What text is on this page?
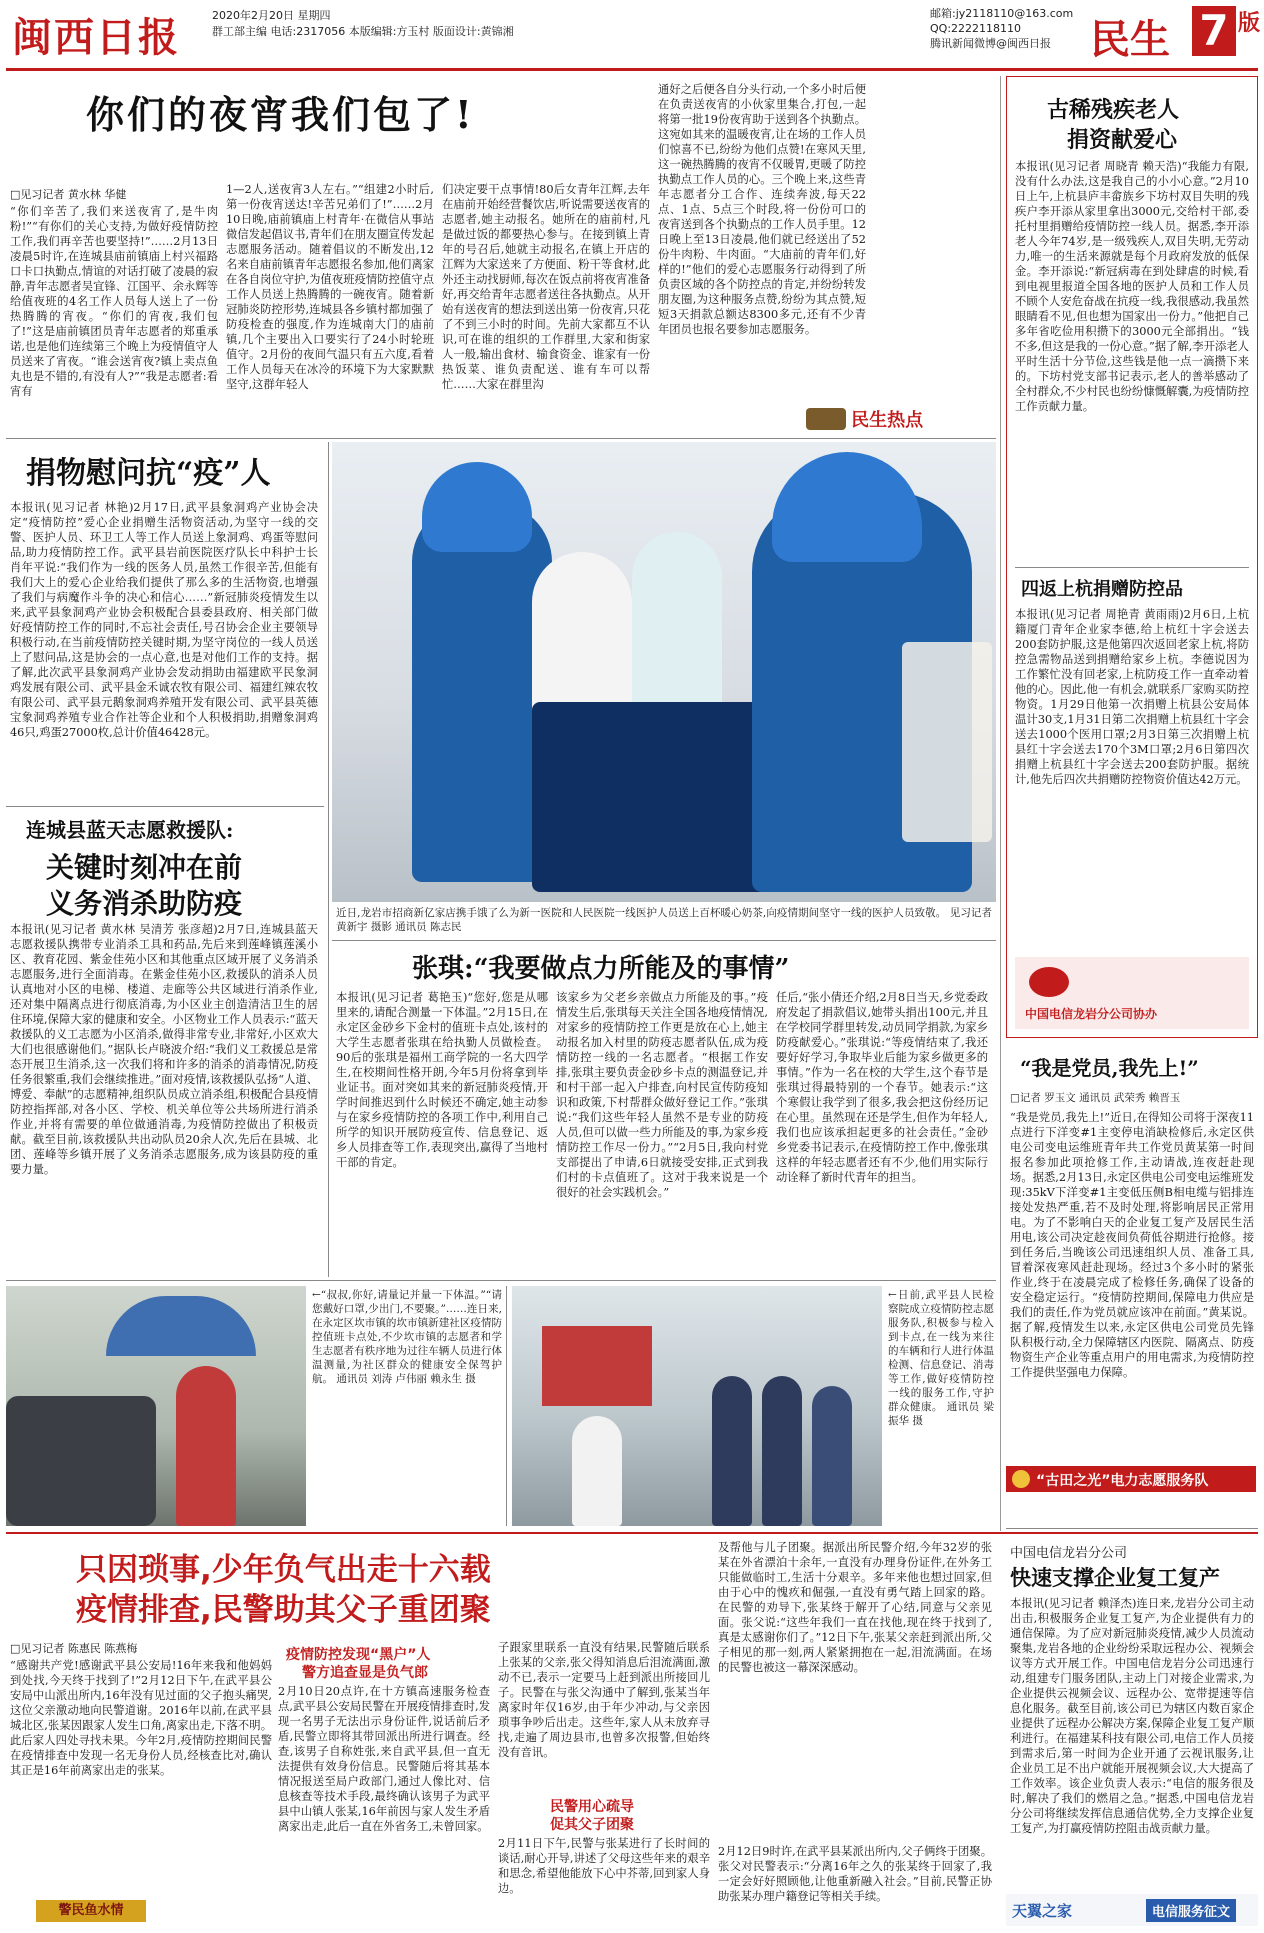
闽西日报	2020年2月20日 星期四
群工部主编 电话:2317056 本版编辑:方玉村 版面设计:黄锦湘
邮箱:jy2118110@163.com
QQ:2222118110
腾讯新闻微博@闽西日报 民生 7 版
你们的夜宵我们包了!
□见习记者 黄水林 华健
“你们辛苦了,我们来送夜宵了,是牛肉粉!”“有你们的关心支持,为做好疫情防控工作,我们再辛苦也要坚持!”……2月13日凌晨5时许,在连城县庙前镇庙上村兴福路口卡口执勤点,情谊的对话打破了凌晨的寂静,青年志愿者吴宜锋、江国平、余永辉等给值夜班的4名工作人员每人送上了一份热腾腾的宵夜。“你们的宵夜,我们包了!”这是庙前镇团员青年志愿者的郑重承诺,也是他们连续第三个晚上为疫情值守人员送来了宵夜。“谁会送宵夜?镇上卖点鱼丸也是不错的,有没有人?”“我是志愿者:看宵有
1—2人,送夜宵3人左右。”“组建2小时后,第一份夜宵送达!辛苦兄弟们了!”……2月10日晚,庙前镇庙上村青年·在微信从事站微信发起倡议书,青年们在朋友圈宣传发起志愿服务活动。随着倡议的不断发出,12名来自庙前镇青年志愿报名参加,他们离家在各自岗位守护,为值夜班疫情防控值守点工作人员送上热腾腾的一碗夜宵。随着新冠肺炎防控形势,连城县各乡镇村都加强了防疫检查的强度,作为连城南大门的庙前镇,几个主要出入口要实行了24小时轮班值守。2月份的夜间气温只有五六度,看着工作人员每天在冰冷的环境下为大家默默坚守,这群年轻人
们决定要干点事情!80后女青年江辉,去年在庙前开始经营餐饮店,听说需要送夜宵的志愿者,她主动报名。她所在的庙前村,凡是做过饭的都要热心参与。在接到镇上青年的号召后,她就主动报名,在镇上开店的江辉为大家送来了方便面、粉干等食材,此外还主动找厨师,每次在饭点前将夜宵准备好,再交给青年志愿者送往各执勤点。从开始有送夜宵的想法到送出第一份夜宵,只花了不到三小时的时间。先前大家都互不认识,可在谁的组织的工作群里,大家和街家人一般,输出食材、输食资金、谁家有一份热饭菜、谁负责配送、谁有车可以帮忙……大家在群里沟
通好之后便各自分头行动,一个多小时后便在负责送夜宵的小伙家里集合,打包,一起将第一批19份夜宵助于送到各个执勤点。这宛如其来的温暖夜宵,让在场的工作人员们惊喜不已,纷纷为他们点赞!在寒风天里,这一碗热腾腾的夜宵不仅暖胃,更暖了防控执勤点工作人员的心。三个晚上来,这些青年志愿者分工合作、连续奔波,每天22点、1点、5点三个时段,将一份份可口的夜宵送到各个执勤点的工作人员手里。12日晚上至13日凌晨,他们就已经送出了52份牛肉粉、牛肉面。“大庙前的青年们,好样的!”他们的爱心志愿服务行动得到了所负责区域的各个防控点的肯定,并纷纷转发朋友圈,为这种服务点赞,纷纷为其点赞,短短3天捐款总额达8300多元,还有不少青年团员也报名要参加志愿服务。
民生热点
捐物慰问抗“疫”人
本报讯(见习记者 林艳)2月17日,武平县象洞鸡产业协会决定“疫情防控”爱心企业捐赠生活物资活动,为坚守一线的交警、医护人员、环卫工人等工作人员送上象洞鸡、鸡蛋等慰问品,助力疫情防控工作。武平县岩前医院医疗队长中科护士长肖年平说:“我们作为一线的医务人员,虽然工作很辛苦,但能有我们大上的爱心企业给我们提供了那么多的生活物资,也增强了我们与病魔作斗争的决心和信心……”新冠肺炎疫情发生以来,武平县象洞鸡产业协会积极配合县委县政府、相关部门做好疫情防控工作的同时,不忘社会责任,号召协会企业主要领导积极行动,在当前疫情防控关键时期,为坚守岗位的一线人员送上了慰问品,这是协会的一点心意,也是对他们工作的支持。据了解,此次武平县象洞鸡产业协会发动捐助由福建欧平民象洞鸡发展有限公司、武平县金禾诚农牧有限公司、福建红辣农牧有限公司、武平县元鹅象洞鸡养殖开发有限公司、武平县英德宝象洞鸡养殖专业合作社等企业和个人积极捐助,捐赠象洞鸡46只,鸡蛋27000枚,总计价值46428元。
连城县蓝天志愿救援队:
关键时刻冲在前
义务消杀助防疫
本报讯(见习记者 黄水林 吴清芳 张彦超)2月7日,连城县蓝天志愿救援队携带专业消杀工具和药品,先后来到莲峰镇莲溪小区、教育花园、紫金佳苑小区和其他重点区域开展了义务消杀志愿服务,进行全面消毒。在紫金佳苑小区,救援队的消杀人员认真地对小区的电梯、楼道、走廊等公共区域进行消杀作业,还对集中隔离点进行彻底消毒,为小区业主创造清洁卫生的居住环境,保障大家的健康和安全。小区物业工作人员表示:“蓝天救援队的义工志愿为小区消杀,做得非常专业,非常好,小区欢大大们也很感谢他们。”据队长卢晓波介绍:“我们义工救援总是常态开展卫生消杀,这一次我们将和许多的消杀的消毒情况,防疫任务很繁重,我们会继续推进。”面对疫情,该救援队弘扬“人道、博爱、奉献”的志愿精神,组织队员成立消杀组,积极配合县疫情防控指挥部,对各小区、学校、机关单位等公共场所进行消杀作业,并将有需要的单位做通消毒,为疫情防控做出了积极贡献。截至目前,该救援队共出动队员20余人次,先后在县城、北团、莲峰等乡镇开展了义务消杀志愿服务,成为该县防疫的重要力量。
近日,龙岩市招商新亿家店携手饿了么为新一医院和人民医院一线医护人员送上百杯暖心奶茶,向疫情期间坚守一线的医护人员致敬。 见习记者 黄新宇 摄影 通讯员 陈志民
张琪:“我要做点力所能及的事情”
本报讯(见习记者 葛艳玉)“您好,您是从哪里来的,请配合测量一下体温。”2月15日,在永定区金砂乡下金村的值班卡点处,该村的大学生志愿者张琪在给执勤人员做检查。90后的张琪是福州工商学院的一名大四学生,在校期间性格开朗,今年5月份将拿到毕业证书。面对突如其来的新冠肺炎疫情,开学时间推迟到什么时候还不确定,她主动参与在家乡疫情防控的各项工作中,利用自己所学的知识开展防疫宣传、信息登记、返乡人员排查等工作,表现突出,赢得了当地村干部的肯定。
该家乡为父老乡亲做点力所能及的事。”疫情发生后,张琪每天关注全国各地疫情情况,对家乡的疫情防控工作更是放在心上,她主动报名加入村里的防疫志愿者队伍,成为疫情防控一线的一名志愿者。“根据工作安排,张琪主要负责金砂乡卡点的测温登记,并和村干部一起入户排查,向村民宣传防疫知识和政策,下村帮群众做好登记工作。”张琪说:“我们这些年轻人虽然不是专业的防疫人员,但可以做一些力所能及的事,为家乡疫情防控工作尽一份力。”“2月5日,我向村党支部提出了申请,6日就接受安排,正式到我们村的卡点值班了。这对于我来说是一个很好的社会实践机会。”
任后,“张小倩还介绍,2月8日当天,乡党委政府发起了捐款倡议,她带头捐出100元,并且在学校同学群里转发,动员同学捐款,为家乡防疫献爱心。”张琪说:“等疫情结束了,我还要好好学习,争取毕业后能为家乡做更多的事情。”作为一名在校的大学生,这个春节是张琪过得最特别的一个春节。她表示:“这个寒假让我学到了很多,我会把这份经历记在心里。虽然现在还是学生,但作为年轻人,我们也应该承担起更多的社会责任。”金砂乡党委书记表示,在疫情防控工作中,像张琪这样的年轻志愿者还有不少,他们用实际行动诠释了新时代青年的担当。
←“叔叔,你好,请量记并量一下体温。”“请您戴好口罩,少出门,不要聚。”……连日来,在永定区坎市镇的坎市镇新建社区疫情防控值班卡点处,不少坎市镇的志愿者和学生志愿者有秩序地为过往车辆人员进行体温测量,为社区群众的健康安全保驾护航。 通讯员 刘涛 卢伟丽 赖永生 摄
←日前,武平县人民检察院成立疫情防控志愿服务队,积极参与检入到卡点,在一线为来往的车辆和行人进行体温检测、信息登记、消毒等工作,做好疫情防控一线的服务工作,守护群众健康。 通讯员 梁振华 摄
只因琐事,少年负气出走十六载
疫情排查,民警助其父子重团聚
□见习记者 陈惠民 陈燕梅
“感谢共产党!感谢武平县公安局!16年来我和他妈妈到处找,今天终于找到了!”2月12日下午,在武平县公安局中山派出所内,16年没有见过面的父子抱头痛哭,这位父亲激动地向民警道谢。2016年以前,在武平县城北区,张某因跟家人发生口角,离家出走,下落不明。此后家人四处寻找未果。今年2月,疫情防控期间民警在疫情排查中发现一名无身份人员,经核查比对,确认其正是16年前离家出走的张某。
警民鱼水情
疫情防控发现“黑户”人
警方追查显是负气郎
2月10日20点许,在十方镇高速服务检查点,武平县公安局民警在开展疫情排查时,发现一名男子无法出示身份证件,说话前后矛盾,民警立即将其带回派出所进行调查。经查,该男子自称姓张,来自武平县,但一直无法提供有效身份信息。民警随后将其基本情况报送至局户政部门,通过人像比对、信息核查等技术手段,最终确认该男子为武平县中山镇人张某,16年前因与家人发生矛盾离家出走,此后一直在外省务工,未曾回家。
子跟家里联系一直没有结果,民警随后联系上张某的父亲,张父得知消息后泪流满面,激动不已,表示一定要马上赶到派出所接回儿子。民警在与张父沟通中了解到,张某当年离家时年仅16岁,由于年少冲动,与父亲因琐事争吵后出走。这些年,家人从未放弃寻找,走遍了周边县市,也曾多次报警,但始终没有音讯。
民警用心疏导
促其父子团聚
2月11日下午,民警与张某进行了长时间的谈话,耐心开导,讲述了父母这些年来的艰辛和思念,希望他能放下心中芥蒂,回到家人身边。
及帮他与儿子团聚。据派出所民警介绍,今年32岁的张某在外省漂泊十余年,一直没有办理身份证件,在外务工只能做临时工,生活十分艰辛。多年来他也想过回家,但由于心中的愧疚和倔强,一直没有勇气踏上回家的路。在民警的劝导下,张某终于解开了心结,同意与父亲见面。张父说:“这些年我们一直在找他,现在终于找到了,真是太感谢你们了。”12日下午,张某父亲赶到派出所,父子相见的那一刻,两人紧紧拥抱在一起,泪流满面。在场的民警也被这一幕深深感动。
2月12日9时许,在武平县某派出所内,父子俩终于团聚。张父对民警表示:“分离16年之久的张某终于回家了,我一定会好好照顾他,让他重新融入社会。”目前,民警正协助张某办理户籍登记等相关手续。
古稀残疾老人
捐资献爱心
本报讯(见习记者 周晓青 赖天浩)“我能力有限,没有什么办法,这是我自己的小小心意。”2月10日上午,上杭县庐丰畲族乡下坊村双目失明的残疾户李开添从家里拿出3000元,交给村干部,委托村里捐赠给疫情防控一线人员。据悉,李开添老人今年74岁,是一级残疾人,双目失明,无劳动力,唯一的生活来源就是每个月政府发放的低保金。李开添说:“新冠病毒在到处肆虐的时候,看到电视里报道全国各地的医护人员和工作人员不顾个人安危奋战在抗疫一线,我很感动,我虽然眼睛看不见,但也想为国家出一份力。”他把自己多年省吃俭用积攒下的3000元全部捐出。“钱不多,但这是我的一份心意。”据了解,李开添老人平时生活十分节俭,这些钱是他一点一滴攒下来的。下坊村党支部书记表示,老人的善举感动了全村群众,不少村民也纷纷慷慨解囊,为疫情防控工作贡献力量。
四返上杭捐赠防控品
本报讯(见习记者 周艳青 黄雨雨)2月6日,上杭籍厦门青年企业家李德,给上杭红十字会送去200套防护服,这是他第四次返回老家上杭,将防控急需物品送到捐赠给家乡上杭。李德说因为工作繁忙没有回老家,上杭防疫工作一直牵动着他的心。因此,他一有机会,就联系厂家购买防控物资。1月29日他第一次捐赠上杭县公安局体温计30支,1月31日第二次捐赠上杭县红十字会送去1000个医用口罩;2月3日第三次捐赠上杭县红十字会送去170个3M口罩;2月6日第四次捐赠上杭县红十字会送去200套防护服。据统计,他先后四次共捐赠防控物资价值达42万元。
中国电信龙岩分公司协办
“我是党员,我先上!”
□记者 罗玉文 通讯员 武荣秀 赖晋玉
“我是党员,我先上!”近日,在得知公司将于深夜11点进行下洋变#1主变停电消缺检修后,永定区供电公司变电运维班青年共工作党员黄某第一时间报名参加此项抢修工作,主动请战,连夜赶赴现场。据悉,2月13日,永定区供电公司变电运维班发现:35kV下洋变#1主变低压侧B相电缆与铝排连接处发热严重,若不及时处理,将影响居民正常用电。为了不影响白天的企业复工复产及居民生活用电,该公司决定趁夜间负荷低谷期进行抢修。接到任务后,当晚该公司迅速组织人员、准备工具,冒着深夜寒风赶赴现场。经过3个多小时的紧张作业,终于在凌晨完成了检修任务,确保了设备的安全稳定运行。“疫情防控期间,保障电力供应是我们的责任,作为党员就应该冲在前面。”黄某说。据了解,疫情发生以来,永定区供电公司党员先锋队积极行动,全力保障辖区内医院、隔离点、防疫物资生产企业等重点用户的用电需求,为疫情防控工作提供坚强电力保障。
“古田之光”电力志愿服务队
中国电信龙岩分公司
快速支撑企业复工复产
本报讯(见习记者 赖泽杰)连日来,龙岩分公司主动出击,积极服务企业复工复产,为企业提供有力的通信保障。为了应对新冠肺炎疫情,减少人员流动聚集,龙岩各地的企业纷纷采取远程办公、视频会议等方式开展工作。中国电信龙岩分公司迅速行动,组建专门服务团队,主动上门对接企业需求,为企业提供云视频会议、远程办公、宽带提速等信息化服务。截至目前,该公司已为辖区内数百家企业提供了远程办公解决方案,保障企业复工复产顺利进行。在福建某科技有限公司,电信工作人员接到需求后,第一时间为企业开通了云视讯服务,让企业员工足不出户就能开展视频会议,大大提高了工作效率。该企业负责人表示:“电信的服务很及时,解决了我们的燃眉之急。”据悉,中国电信龙岩分公司将继续发挥信息通信优势,全力支撑企业复工复产,为打赢疫情防控阻击战贡献力量。
天翼之家	电信服务征文
